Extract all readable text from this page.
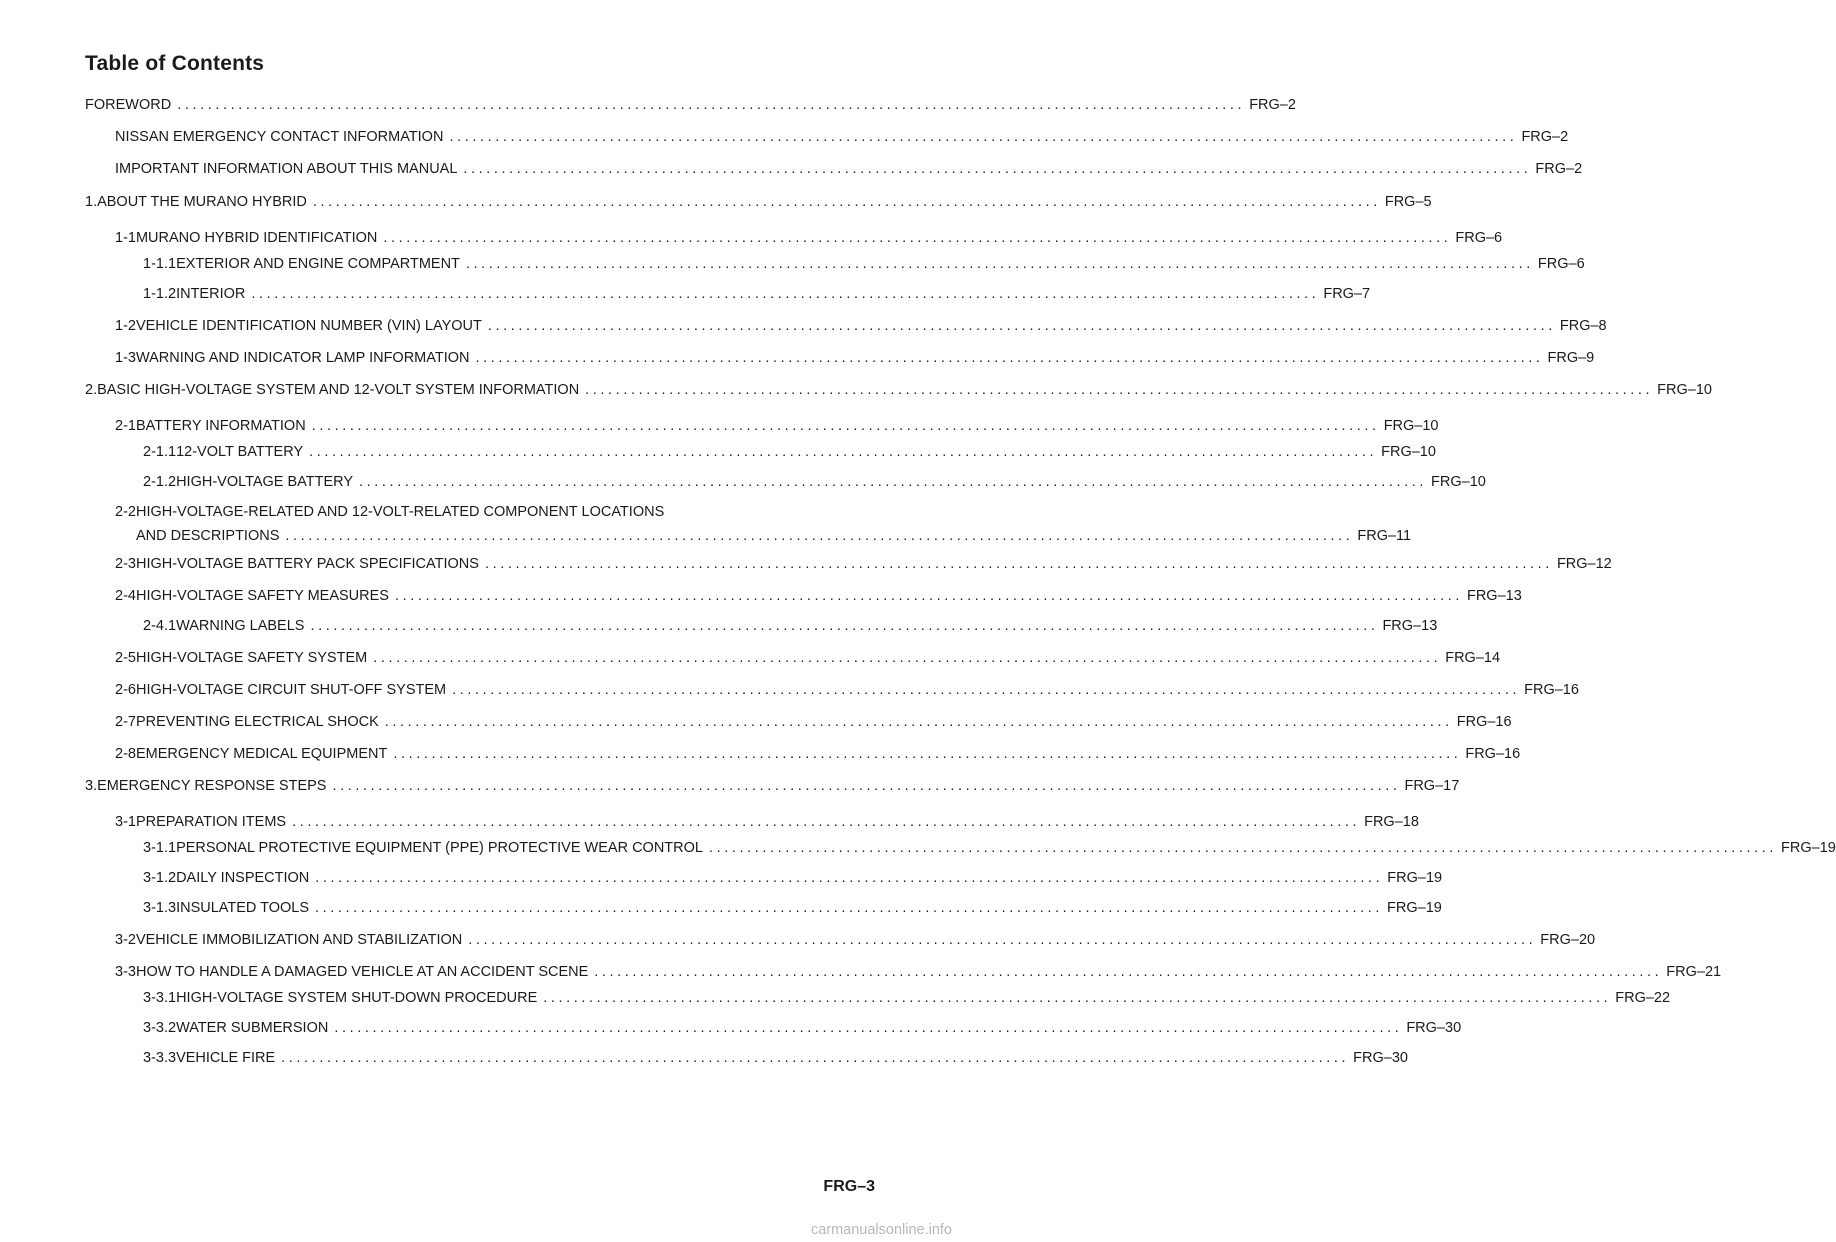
Table of Contents
FOREWORD ............................................................................................................................................ FRG–2
NISSAN EMERGENCY CONTACT INFORMATION ............................................................................................................................................ FRG–2
IMPORTANT INFORMATION ABOUT THIS MANUAL ............................................................................................................................................ FRG–2
1. ABOUT THE MURANO HYBRID ............................................................................................................................................ FRG–5
1-1 MURANO HYBRID IDENTIFICATION ............................................................................................................................................ FRG–6
1-1.1 EXTERIOR AND ENGINE COMPARTMENT ............................................................................................................................................ FRG–6
1-1.2 INTERIOR ............................................................................................................................................ FRG–7
1-2 VEHICLE IDENTIFICATION NUMBER (VIN) LAYOUT ............................................................................................................................................ FRG–8
1-3 WARNING AND INDICATOR LAMP INFORMATION ............................................................................................................................................ FRG–9
2. BASIC HIGH-VOLTAGE SYSTEM AND 12-VOLT SYSTEM INFORMATION ............................................................................................................................................ FRG–10
2-1 BATTERY INFORMATION ............................................................................................................................................ FRG–10
2-1.1 12-VOLT BATTERY ............................................................................................................................................ FRG–10
2-1.2 HIGH-VOLTAGE BATTERY ............................................................................................................................................ FRG–10
2-2 HIGH-VOLTAGE-RELATED AND 12-VOLT-RELATED COMPONENT LOCATIONS
AND DESCRIPTIONS ............................................................................................................................................ FRG–11
2-3 HIGH-VOLTAGE BATTERY PACK SPECIFICATIONS ............................................................................................................................................ FRG–12
2-4 HIGH-VOLTAGE SAFETY MEASURES ............................................................................................................................................ FRG–13
2-4.1 WARNING LABELS ............................................................................................................................................ FRG–13
2-5 HIGH-VOLTAGE SAFETY SYSTEM ............................................................................................................................................ FRG–14
2-6 HIGH-VOLTAGE CIRCUIT SHUT-OFF SYSTEM ............................................................................................................................................ FRG–16
2-7 PREVENTING ELECTRICAL SHOCK ............................................................................................................................................ FRG–16
2-8 EMERGENCY MEDICAL EQUIPMENT ............................................................................................................................................ FRG–16
3. EMERGENCY RESPONSE STEPS ............................................................................................................................................ FRG–17
3-1 PREPARATION ITEMS ............................................................................................................................................ FRG–18
3-1.1 PERSONAL PROTECTIVE EQUIPMENT (PPE) PROTECTIVE WEAR CONTROL ............................................................................................................................................ FRG–19
3-1.2 DAILY INSPECTION ............................................................................................................................................ FRG–19
3-1.3 INSULATED TOOLS ............................................................................................................................................ FRG–19
3-2 VEHICLE IMMOBILIZATION AND STABILIZATION ............................................................................................................................................ FRG–20
3-3 HOW TO HANDLE A DAMAGED VEHICLE AT AN ACCIDENT SCENE ............................................................................................................................................ FRG–21
3-3.1 HIGH-VOLTAGE SYSTEM SHUT-DOWN PROCEDURE ............................................................................................................................................ FRG–22
3-3.2 WATER SUBMERSION ............................................................................................................................................ FRG–30
3-3.3 VEHICLE FIRE ............................................................................................................................................ FRG–30

FRG–3

carmanualsonline.info
